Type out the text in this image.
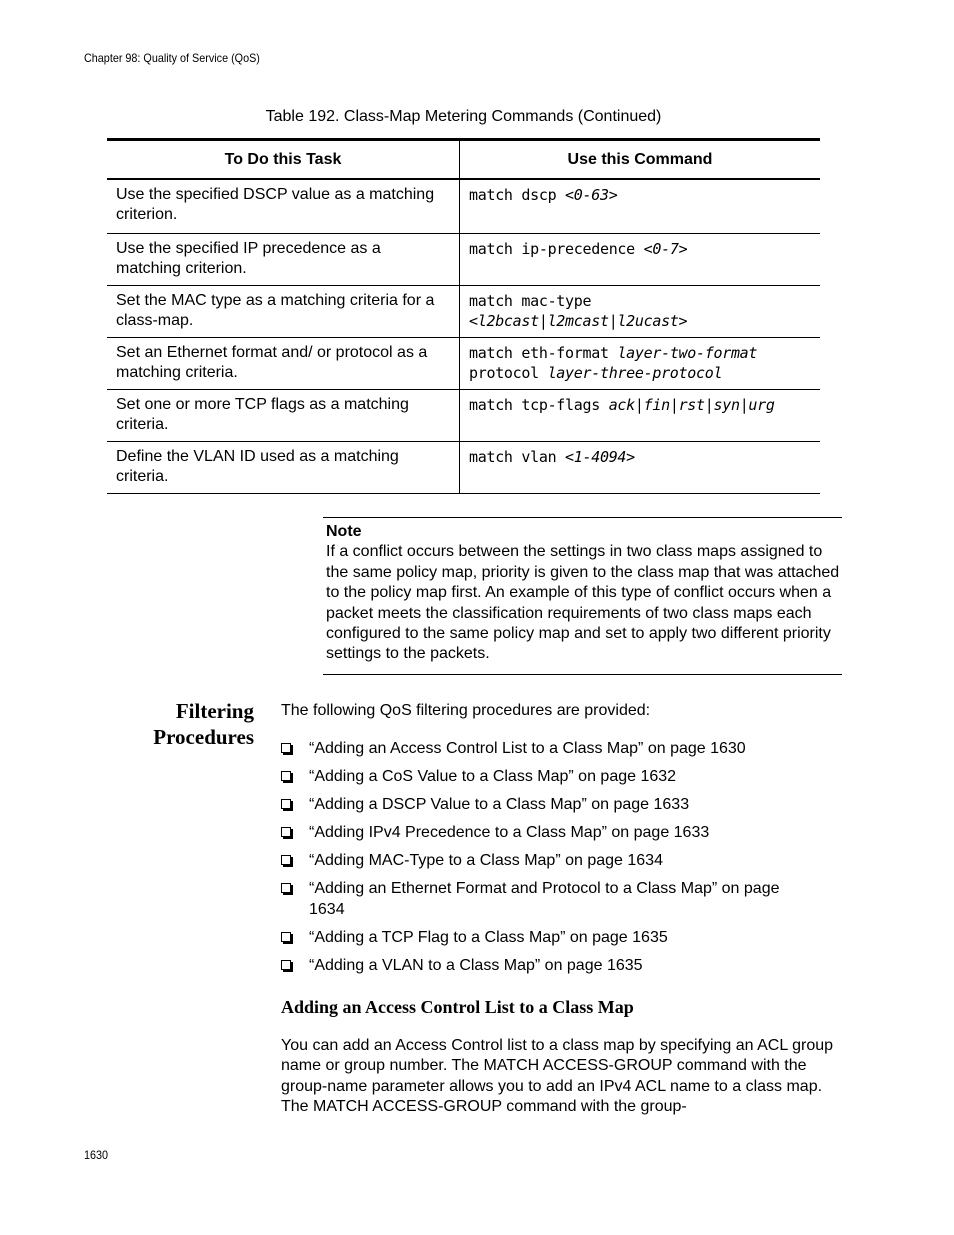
Chapter 98: Quality of Service (QoS)
Table 192. Class-Map Metering Commands (Continued)
To Do this Task	Use this Command
Use the specified DSCP value as a matching criterion.	match dscp <0-63>
Use the specified IP precedence as a matching criterion.	match ip-precedence <0-7>
Set the MAC type as a matching criteria for a class-map.	match mac-type
<l2bcast|l2mcast|l2ucast>
Set an Ethernet format and/ or protocol as a matching criteria.	match eth-format layer-two-format
protocol layer-three-protocol
Set one or more TCP flags as a matching criteria.	match tcp-flags ack|fin|rst|syn|urg
Define the VLAN ID used as a matching criteria.	match vlan <1-4094>
Note
If a conflict occurs between the settings in two class maps assigned to the same policy map, priority is given to the class map that was attached to the policy map first. An example of this type of conflict occurs when a packet meets the classification requirements of two class maps each configured to the same policy map and set to apply two different priority settings to the packets.
Filtering
Procedures
The following QoS filtering procedures are provided:
“Adding an Access Control List to a Class Map” on page 1630
“Adding a CoS Value to a Class Map” on page 1632
“Adding a DSCP Value to a Class Map” on page 1633
“Adding IPv4 Precedence to a Class Map” on page 1633
“Adding MAC-Type to a Class Map” on page 1634
“Adding an Ethernet Format and Protocol to a Class Map” on page 1634
“Adding a TCP Flag to a Class Map” on page 1635
“Adding a VLAN to a Class Map” on page 1635
Adding an Access Control List to a Class Map
You can add an Access Control list to a class map by specifying an ACL group name or group number. The MATCH ACCESS-GROUP command with the group-name parameter allows you to add an IPv4 ACL name to a class map. The MATCH ACCESS-GROUP command with the group-
1630
